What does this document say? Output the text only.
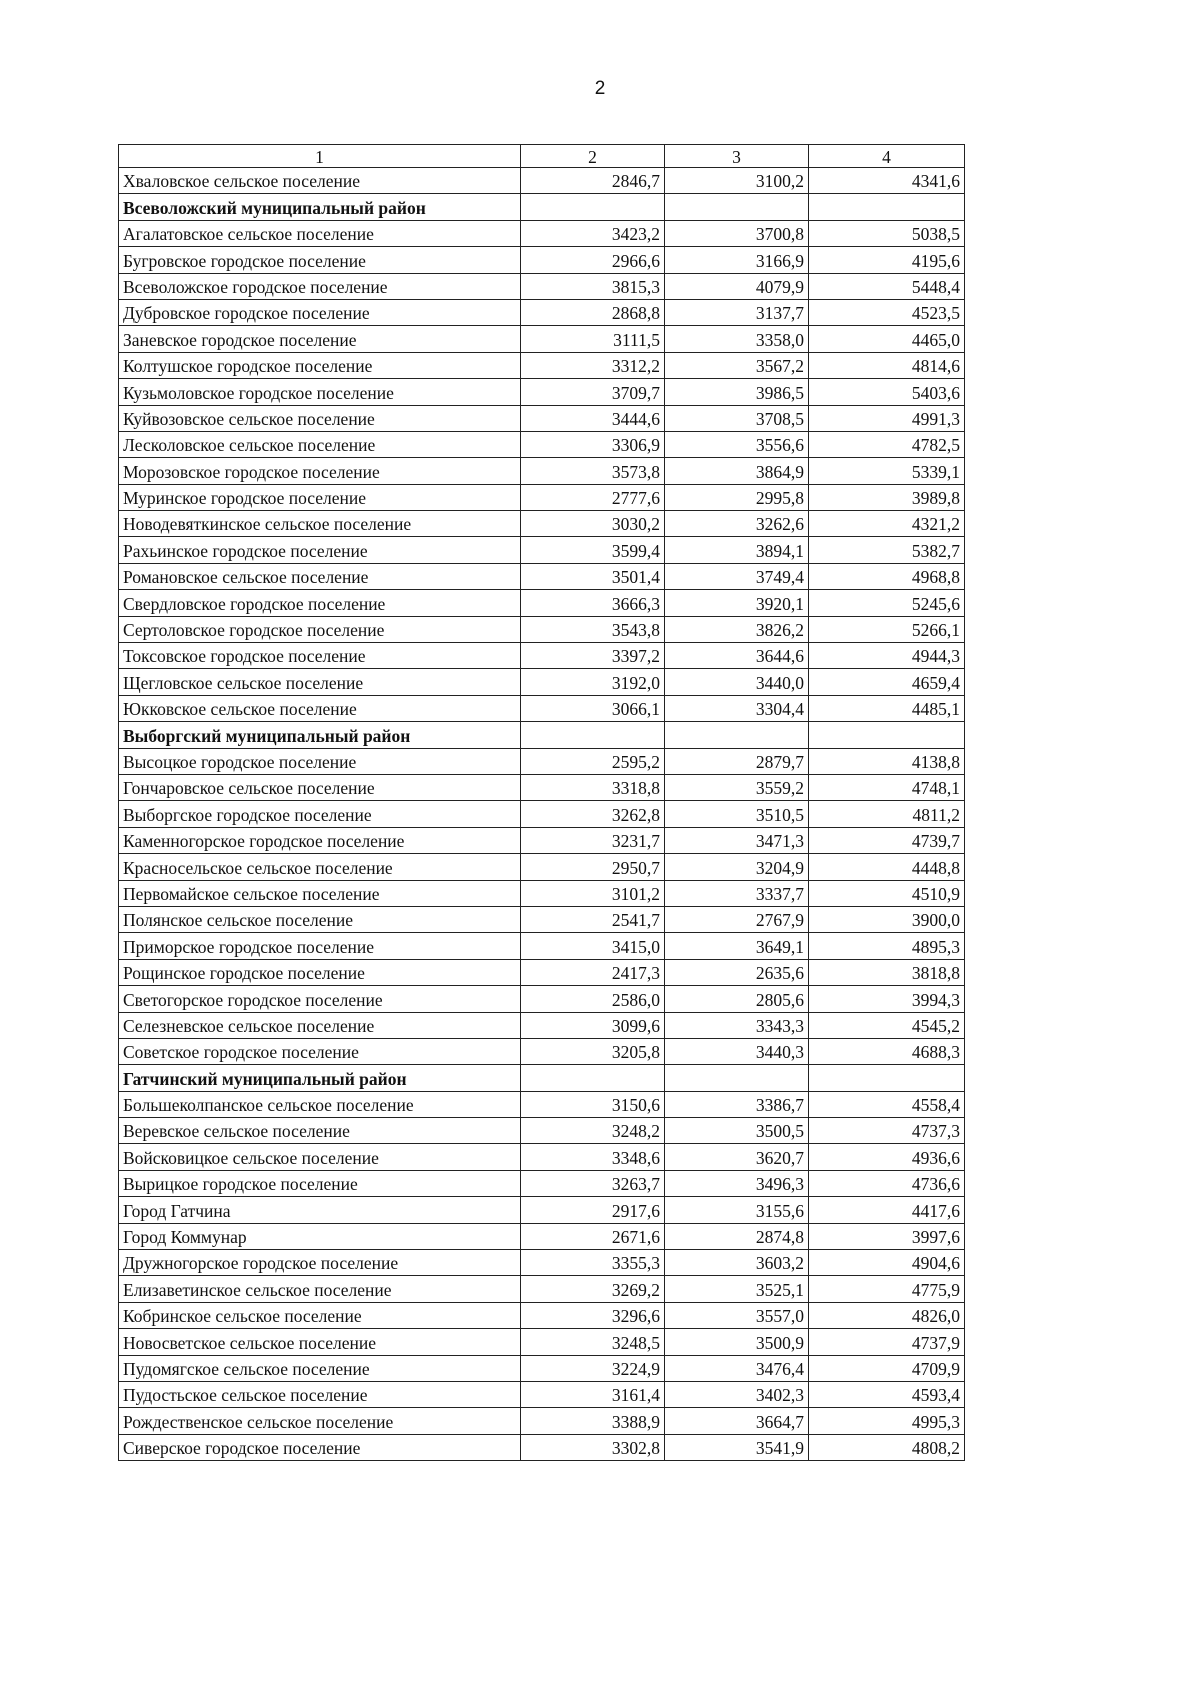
2
1	2	3	4
Хваловское сельское поселение	2846,7	3100,2	4341,6
Всеволожский муниципальный район			
Агалатовское сельское поселение	3423,2	3700,8	5038,5
Бугровское городское поселение	2966,6	3166,9	4195,6
Всеволожское городское поселение	3815,3	4079,9	5448,4
Дубровское городское поселение	2868,8	3137,7	4523,5
Заневское городское поселение	3111,5	3358,0	4465,0
Колтушское городское поселение	3312,2	3567,2	4814,6
Кузьмоловское городское поселение	3709,7	3986,5	5403,6
Куйвозовское сельское поселение	3444,6	3708,5	4991,3
Лесколовское сельское поселение	3306,9	3556,6	4782,5
Морозовское городское поселение	3573,8	3864,9	5339,1
Муринское городское поселение	2777,6	2995,8	3989,8
Новодевяткинское сельское поселение	3030,2	3262,6	4321,2
Рахьинское городское поселение	3599,4	3894,1	5382,7
Романовское сельское поселение	3501,4	3749,4	4968,8
Свердловское городское поселение	3666,3	3920,1	5245,6
Сертоловское городское поселение	3543,8	3826,2	5266,1
Токсовское городское поселение	3397,2	3644,6	4944,3
Щегловское сельское поселение	3192,0	3440,0	4659,4
Юкковское сельское поселение	3066,1	3304,4	4485,1
Выборгский муниципальный район			
Высоцкое городское поселение	2595,2	2879,7	4138,8
Гончаровское сельское поселение	3318,8	3559,2	4748,1
Выборгское городское поселение	3262,8	3510,5	4811,2
Каменногорское городское поселение	3231,7	3471,3	4739,7
Красносельское сельское поселение	2950,7	3204,9	4448,8
Первомайское сельское поселение	3101,2	3337,7	4510,9
Полянское сельское поселение	2541,7	2767,9	3900,0
Приморское городское поселение	3415,0	3649,1	4895,3
Рощинское городское поселение	2417,3	2635,6	3818,8
Светогорское городское поселение	2586,0	2805,6	3994,3
Селезневское сельское поселение	3099,6	3343,3	4545,2
Советское городское поселение	3205,8	3440,3	4688,3
Гатчинский муниципальный район			
Большеколпанское сельское поселение	3150,6	3386,7	4558,4
Веревское сельское поселение	3248,2	3500,5	4737,3
Войсковицкое сельское поселение	3348,6	3620,7	4936,6
Вырицкое городское поселение	3263,7	3496,3	4736,6
Город Гатчина	2917,6	3155,6	4417,6
Город Коммунар	2671,6	2874,8	3997,6
Дружногорское городское поселение	3355,3	3603,2	4904,6
Елизаветинское сельское поселение	3269,2	3525,1	4775,9
Кобринское сельское поселение	3296,6	3557,0	4826,0
Новосветское сельское поселение	3248,5	3500,9	4737,9
Пудомягское сельское поселение	3224,9	3476,4	4709,9
Пудостьское сельское поселение	3161,4	3402,3	4593,4
Рождественское сельское поселение	3388,9	3664,7	4995,3
Сиверское городское поселение	3302,8	3541,9	4808,2
